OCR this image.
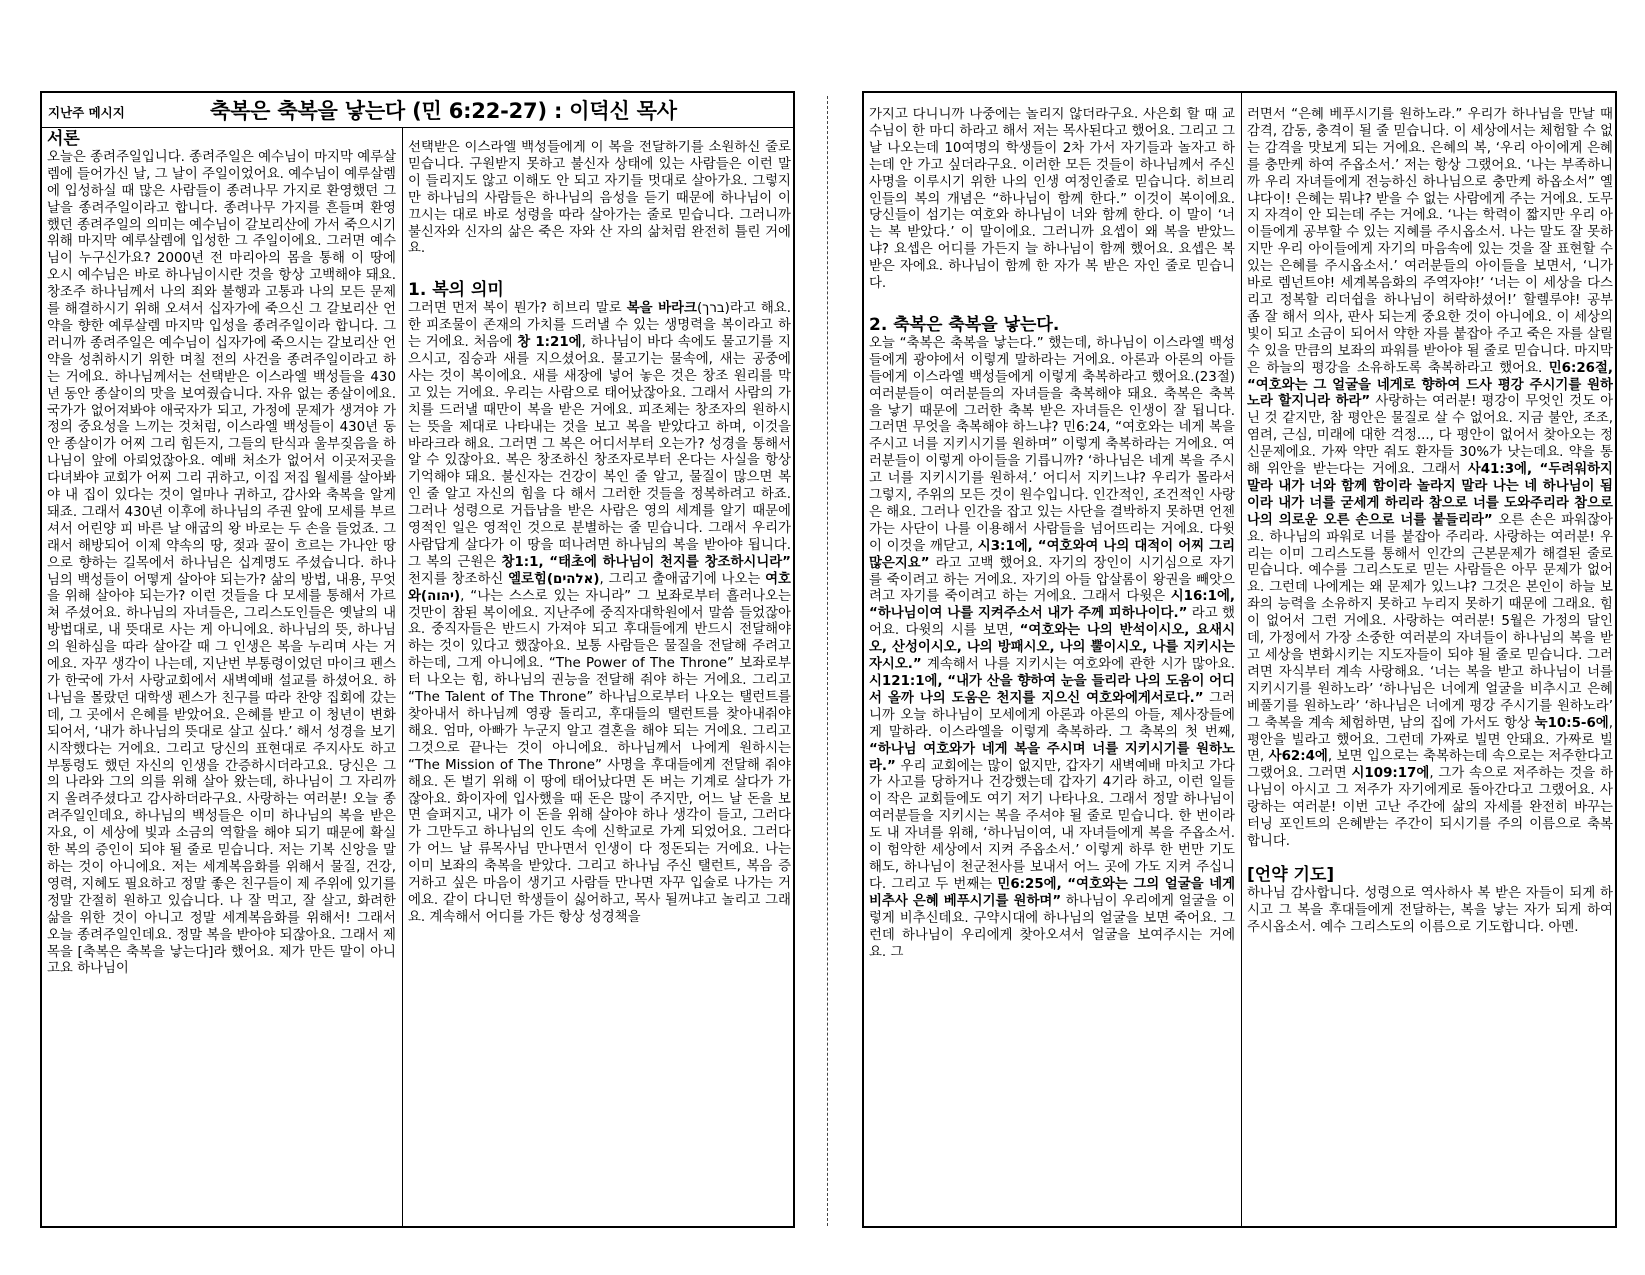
지난주 메시지	축복은 축복을 낳는다 (민 6:22-27) : 이덕신 목사
서론

오늘은 종려주일입니다. 종려주일은 예수님이 마지막 예루살렘에 들어가신 날, 그 날이 주일이었어요. 예수님이 예루살렘에 입성하실 때 많은 사람들이 종려나무 가지로 환영했던 그 날을 종려주일이라고 합니다. 종려나무 가지를 흔들며 환영했던 종려주일의 의미는 예수님이 갈보리산에 가서 죽으시기 위해 마지막 예루살렘에 입성한 그 주일이에요. 그러면 예수님이 누구신가요? 2000년 전 마리아의 몸을 통해 이 땅에 오시 예수님은 바로 하나님이시란 것을 항상 고백해야 돼요. 창조주 하나님께서 나의 죄와 불행과 고통과 나의 모든 문제를 해결하시기 위해 오셔서 십자가에 죽으신 그 갈보리산 언약을 향한 예루살렘 마지막 입성을 종려주일이라 합니다. 그러니까 종려주일은 예수님이 십자가에 죽으시는 갈보리산 언약을 성취하시기 위한 며칠 전의 사건을 종려주일이라고 하는 거에요. 하나님께서는 선택받은 이스라엘 백성들을 430년 동안 종살이의 맛을 보여줬습니다. 자유 없는 종살이에요. 국가가 없어져봐야 애국자가 되고, 가정에 문제가 생겨야 가정의 중요성을 느끼는 것처럼, 이스라엘 백성들이 430년 동안 종살이가 어찌 그리 힘든지, 그들의 탄식과 울부짖음을 하나님이 앞에 아뢰었잖아요. 예배 처소가 없어서 이곳저곳을 다녀봐야 교회가 어찌 그리 귀하고, 이집 저집 월세를 살아봐야 내 집이 있다는 것이 얼마나 귀하고, 감사와 축복을 알게 돼죠. 그래서 430년 이후에 하나님의 주권 앞에 모세를 부르셔서 어린양 피 바른 날 애굽의 왕 바로는 두 손을 들었죠. 그래서 해방되어 이제 약속의 땅, 젖과 꿀이 흐르는 가나안 땅으로 향하는 길목에서 하나님은 십계명도 주셨습니다. 하나님의 백성들이 어떻게 살아야 되는가? 삶의 방법, 내용, 무엇을 위해 살아야 되는가? 이런 것들을 다 모세를 통해서 가르쳐 주셨어요. 하나님의 자녀들은, 그리스도인들은 옛날의 내 방법대로, 내 뜻대로 사는 게 아니에요. 하나님의 뜻, 하나님의 원하심을 따라 살아갈 때 그 인생은 복을 누리며 사는 거에요. 자꾸 생각이 나는데, 지난번 부통령이었던 마이크 펜스가 한국에 가서 사랑교회에서 새벽예배 설교를 하셨어요. 하나님을 몰랐던 대학생 펜스가 친구를 따라 찬양 집회에 갔는데, 그 곳에서 은혜를 받았어요. 은혜를 받고 이 청년이 변화 되어서, ‘내가 하나님의 뜻대로 살고 싶다.’ 해서 성경을 보기 시작했다는 거에요. 그리고 당신의 표현대로 주지사도 하고 부통령도 했던 자신의 인생을 간증하시더라고요. 당신은 그의 나라와 그의 의를 위해 살아 왔는데, 하나님이 그 자리까지 올려주셨다고 감사하더라구요. 사랑하는 여러분! 오늘 종려주일인데요, 하나님의 백성들은 이미 하나님의 복을 받은 자요, 이 세상에 빛과 소금의 역할을 해야 되기 때문에 확실한 복의 증인이 되야 될 줄로 믿습니다. 저는 기복 신앙을 말하는 것이 아니에요. 저는 세계복음화를 위해서 물질, 건강, 영력, 지혜도 필요하고 정말 좋은 친구들이 제 주위에 있기를 정말 간절히 원하고 있습니다. 나 잘 먹고, 잘 살고, 화려한 삶을 위한 것이 아니고 정말 세계복음화를 위해서! 그래서 오늘 종려주일인데요. 정말 복을 받아야 되잖아요. 그래서 제목을 [축복은 축복을 낳는다]라 했어요. 제가 만든 말이 아니고요 하나님이

선택받은 이스라엘 백성들에게 이 복을 전달하기를 소원하신 줄로 믿습니다. 구원받지 못하고 불신자 상태에 있는 사람들은 이런 말이 들리지도 않고 이해도 안 되고 자기들 멋대로 살아가요. 그렇지만 하나님의 사람들은 하나님의 음성을 듣기 때문에 하나님이 이끄시는 대로 바로 성령을 따라 살아가는 줄로 믿습니다. 그러니까 불신자와 신자의 삶은 죽은 자와 산 자의 삶처럼 완전히 틀린 거에요.

1. 복의 의미

그러면 먼저 복이 뭔가? 히브리 말로 복을 바라크(ברך)라고 해요. 한 피조물이 존재의 가치를 드러낼 수 있는 생명력을 복이라고 하는 거에요. 처음에 창 1:21에, 하나님이 바다 속에도 물고기를 지으시고, 짐승과 새를 지으셨어요. 물고기는 물속에, 새는 공중에 사는 것이 복이에요. 새를 새장에 넣어 놓은 것은 창조 원리를 막고 있는 거에요. 우리는 사람으로 태어났잖아요. 그래서 사람의 가치를 드러낼 때만이 복을 받은 거에요. 피조체는 창조자의 원하시는 뜻을 제대로 나타내는 것을 보고 복을 받았다고 하며, 이것을 바라크라 해요. 그러면 그 복은 어디서부터 오는가? 성경을 통해서 알 수 있잖아요. 복은 창조하신 창조자로부터 온다는 사실을 항상 기억해야 돼요. 불신자는 건강이 복인 줄 알고, 물질이 많으면 복인 줄 알고 자신의 힘을 다 해서 그러한 것들을 정복하려고 하죠. 그러나 성령으로 거듭남을 받은 사람은 영의 세계를 알기 때문에 영적인 일은 영적인 것으로 분별하는 줄 믿습니다. 그래서 우리가 사람답게 살다가 이 땅을 떠나려면 하나님의 복을 받아야 됩니다. 그 복의 근원은 창1:1, “태초에 하나님이 천지를 창조하시니라” 천지를 창조하신 엘로힘(אלהים), 그리고 출애굽기에 나오는 여호와(יהוה), “나는 스스로 있는 자니라” 그 보좌로부터 흘러나오는 것만이 참된 복이에요. 지난주에 중직자대학원에서 말씀 들었잖아요. 중직자들은 반드시 가져야 되고 후대들에게 반드시 전달해야 하는 것이 있다고 했잖아요. 보통 사람들은 물질을 전달해 주려고 하는데, 그게 아니에요. “The Power of The Throne” 보좌로부터 나오는 힘, 하나님의 권능을 전달해 줘야 하는 거에요. 그리고 “The Talent of The Throne” 하나님으로부터 나오는 탤런트를 찾아내서 하나님께 영광 돌리고, 후대들의 탤런트를 찾아내줘야 해요. 엄마, 아빠가 누군지 알고 결혼을 해야 되는 거에요. 그리고 그것으로 끝나는 것이 아니에요. 하나님께서 나에게 원하시는 “The Mission of The Throne” 사명을 후대들에게 전달해 줘야 해요. 돈 벌기 위해 이 땅에 태어났다면 돈 버는 기계로 살다가 가잖아요. 화이자에 입사했을 때 돈은 많이 주지만, 어느 날 돈을 보면 슬퍼지고, 내가 이 돈을 위해 살아야 하나 생각이 들고, 그러다가 그만두고 하나님의 인도 속에 신학교로 가게 되었어요. 그러다가 어느 날 류목사님 만나면서 인생이 다 정돈되는 거에요. 나는 이미 보좌의 축복을 받았다. 그리고 하나님 주신 탤런트, 복음 증거하고 싶은 마음이 생기고 사람들 만나면 자꾸 입술로 나가는 거에요. 같이 다니던 학생들이 싫어하고, 목사 될꺼냐고 놀리고 그래요. 계속해서 어디를 가든 항상 성경책을

가지고 다니니까 나중에는 놀리지 않더라구요. 사은회 할 때 교수님이 한 마디 하라고 해서 저는 목사된다고 했어요. 그리고 그 날 나오는데 10여명의 학생들이 2차 가서 자기들과 놀자고 하는데 안 가고 싶더라구요. 이러한 모든 것들이 하나님께서 주신 사명을 이루시기 위한 나의 인생 여정인줄로 믿습니다. 히브리인들의 복의 개념은 “하나님이 함께 한다.” 이것이 복이에요. 당신들이 섬기는 여호와 하나님이 너와 함께 한다. 이 말이 ‘너는 복 받았다.’ 이 말이에요. 그러니까 요셉이 왜 복을 받았느냐? 요셉은 어디를 가든지 늘 하나님이 함께 했어요. 요셉은 복 받은 자에요. 하나님이 함께 한 자가 복 받은 자인 줄로 믿습니다.

2. 축복은 축복을 낳는다.

오늘 “축복은 축복을 낳는다.” 했는데, 하나님이 이스라엘 백성들에게 광야에서 이렇게 말하라는 거에요. 아론과 아론의 아들들에게 이스라엘 백성들에게 이렇게 축복하라고 했어요.(23절) 여러분들이 여러분들의 자녀들을 축복해야 돼요. 축복은 축복을 낳기 때문에 그러한 축복 받은 자녀들은 인생이 잘 됩니다. 그러면 무엇을 축복해야 하느냐? 민6:24, “여호와는 네게 복을 주시고 너를 지키시기를 원하며” 이렇게 축복하라는 거에요. 여러분들이 이렇게 아이들을 기릅니까? ‘하나님은 네게 복을 주시고 너를 지키시기를 원하셔.’ 어디서 지키느냐? 우리가 몰라서 그렇지, 주위의 모든 것이 원수입니다. 인간적인, 조건적인 사랑은 해요. 그러나 인간을 잡고 있는 사단을 결박하지 못하면 언젠가는 사단이 나를 이용해서 사람들을 넘어뜨리는 거에요. 다윗이 이것을 깨닫고, 시3:1에, “여호와여 나의 대적이 어찌 그리 많은지요” 라고 고백 했어요. 자기의 장인이 시기심으로 자기를 죽이려고 하는 거에요. 자기의 아들 압살롬이 왕권을 빼앗으려고 자기를 죽이려고 하는 거에요. 그래서 다윗은 시16:1에, “하나님이여 나를 지켜주소서 내가 주께 피하나이다.” 라고 했어요. 다윗의 시를 보면, “여호와는 나의 반석이시오, 요새시오, 산성이시오, 나의 방패시오, 나의 뿔이시오, 나를 지키시는 자시오.” 계속해서 나를 지키시는 여호와에 관한 시가 많아요. 시121:1에, “내가 산을 향하여 눈을 들리라 나의 도움이 어디서 올까 나의 도움은 천지를 지으신 여호와에게서로다.” 그러니까 오늘 하나님이 모세에게 아론과 아론의 아들, 제사장들에게 말하라. 이스라엘을 이렇게 축복하라. 그 축복의 첫 번째, “하나님 여호와가 네게 복을 주시며 너를 지키시기를 원하노라.” 우리 교회에는 많이 없지만, 갑자기 새벽예배 마치고 가다가 사고를 당하거나 건강했는데 갑자기 4기라 하고, 이런 일들이 작은 교회들에도 여기 저기 나타나요. 그래서 정말 하나님이 여러분들을 지키시는 복을 주셔야 될 줄로 믿습니다. 한 번이라도 내 자녀를 위해, ‘하나님이여, 내 자녀들에게 복을 주옵소서. 이 험악한 세상에서 지켜 주옵소서.’ 이렇게 하루 한 번만 기도해도, 하나님이 천군천사를 보내서 어느 곳에 가도 지켜 주십니다. 그리고 두 번째는 민6:25에, “여호와는 그의 얼굴을 네게 비추사 은혜 베푸시기를 원하며” 하나님이 우리에게 얼굴을 이렇게 비추신데요. 구약시대에 하나님의 얼굴을 보면 죽어요. 그런데 하나님이 우리에게 찾아오셔서 얼굴을 보여주시는 거에요. 그

러면서 “은혜 베푸시기를 원하노라.” 우리가 하나님을 만날 때 감격, 감동, 충격이 될 줄 믿습니다. 이 세상에서는 체험할 수 없는 감격을 맛보게 되는 거에요. 은혜의 복, ‘우리 아이에게 은혜를 충만케 하여 주옵소서.’ 저는 항상 그랬어요. ‘나는 부족하니까 우리 자녀들에게 전능하신 하나님으로 충만케 하옵소서” 옐냐다이! 은혜는 뭐냐? 받을 수 없는 사람에게 주는 거에요. 도무지 자격이 안 되는데 주는 거에요. ‘나는 학력이 짧지만 우리 아이들에게 공부할 수 있는 지혜를 주시옵소서. 나는 말도 잘 못하지만 우리 아이들에게 자기의 마음속에 있는 것을 잘 표현할 수 있는 은혜를 주시옵소서.’ 여러분들의 아이들을 보면서, ‘니가 바로 렘넌트야! 세계복음화의 주역자야!’ ‘너는 이 세상을 다스리고 정복할 리더쉽을 하나님이 허락하셨어!’ 할렐루야! 공부 좀 잘 해서 의사, 판사 되는게 중요한 것이 아니에요. 이 세상의 빛이 되고 소금이 되어서 약한 자를 붙잡아 주고 죽은 자를 살릴 수 있을 만큼의 보좌의 파워를 받아야 될 줄로 믿습니다. 마지막은 하늘의 평강을 소유하도록 축복하라고 했어요. 민6:26절, “여호와는 그 얼굴을 네게로 향하여 드사 평강 주시기를 원하노라 할지니라 하라” 사랑하는 여러분! 평강이 무엇인 것도 아닌 것 같지만, 참 평안은 물질로 살 수 없어요. 지금 불안, 조조, 염려, 근심, 미래에 대한 걱정..., 다 평안이 없어서 찾아오는 정신문제에요. 가짜 약만 줘도 환자들 30%가 낫는데요. 약을 통해 위안을 받는다는 거에요. 그래서 사41:3에, “두려워하지 말라 내가 너와 함께 함이라 놀라지 말라 나는 네 하나님이 됨이라 내가 너를 굳세게 하리라 참으로 너를 도와주리라 참으로 나의 의로운 오른 손으로 너를 붙들리라” 오른 손은 파워잖아요. 하나님의 파워로 너를 붙잡아 주리라. 사랑하는 여러분! 우리는 이미 그리스도를 통해서 인간의 근본문제가 해결된 줄로 믿습니다. 예수를 그리스도로 믿는 사람들은 아무 문제가 없어요. 그런데 나에게는 왜 문제가 있느냐? 그것은 본인이 하늘 보좌의 능력을 소유하지 못하고 누리지 못하기 때문에 그래요. 힘이 없어서 그런 거에요. 사랑하는 여러분! 5월은 가정의 달인데, 가정에서 가장 소중한 여러분의 자녀들이 하나님의 복을 받고 세상을 변화시키는 지도자들이 되야 될 줄로 믿습니다. 그러려면 자식부터 계속 사랑해요. ‘너는 복을 받고 하나님이 너를 지키시기를 원하노라’ ‘하나님은 너에게 얼굴을 비추시고 은혜 베풀기를 원하노라’ ‘하나님은 너에게 평강 주시기를 원하노라’ 그 축복을 계속 체험하면, 남의 집에 가서도 항상 눅10:5-6에, 평안을 빌라고 했어요. 그런데 가짜로 빌면 안돼요. 가짜로 빌면, 사62:4에, 보면 입으로는 축복하는데 속으로는 저주한다고 그랬어요. 그러면 시109:17에, 그가 속으로 저주하는 것을 하나님이 아시고 그 저주가 자기에게로 돌아간다고 그랬어요. 사랑하는 여러분! 이번 고난 주간에 삶의 자세를 완전히 바꾸는 터닝 포인트의 은혜받는 주간이 되시기를 주의 이름으로 축복합니다.

[언약 기도]

하나님 감사합니다. 성령으로 역사하사 복 받은 자들이 되게 하시고 그 복을 후대들에게 전달하는, 복을 낳는 자가 되게 하여 주시옵소서. 예수 그리스도의 이름으로 기도합니다. 아멘.
